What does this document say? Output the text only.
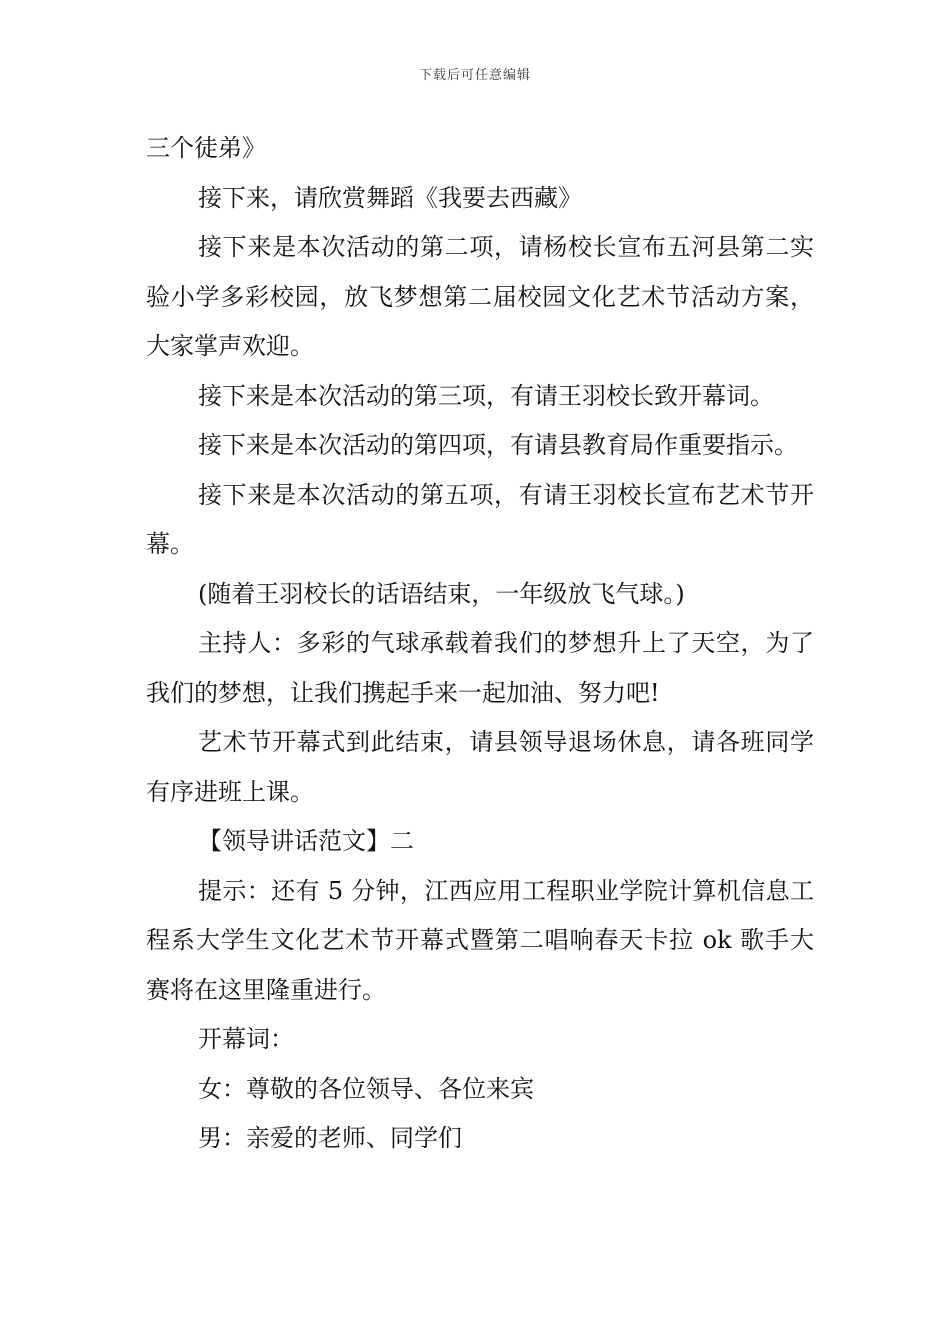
下载后可任意编辑

三个徒弟》

接下来，请欣赏舞蹈《我要去西藏》

接下来是本次活动的第二项，请杨校长宣布五河县第二实验小学多彩校园，放飞梦想第二届校园文化艺术节活动方案，大家掌声欢迎。

接下来是本次活动的第三项，有请王羽校长致开幕词。

接下来是本次活动的第四项，有请县教育局作重要指示。

接下来是本次活动的第五项，有请王羽校长宣布艺术节开幕。

(随着王羽校长的话语结束，一年级放飞气球。)

主持人：多彩的气球承载着我们的梦想升上了天空，为了我们的梦想，让我们携起手来一起加油、努力吧!

艺术节开幕式到此结束，请县领导退场休息，请各班同学有序进班上课。

【领导讲话范文】二

提示：还有 5 分钟，江西应用工程职业学院计算机信息工程系大学生文化艺术节开幕式暨第二唱响春天卡拉 ok 歌手大赛将在这里隆重进行。

开幕词：

女：尊敬的各位领导、各位来宾

男：亲爱的老师、同学们
